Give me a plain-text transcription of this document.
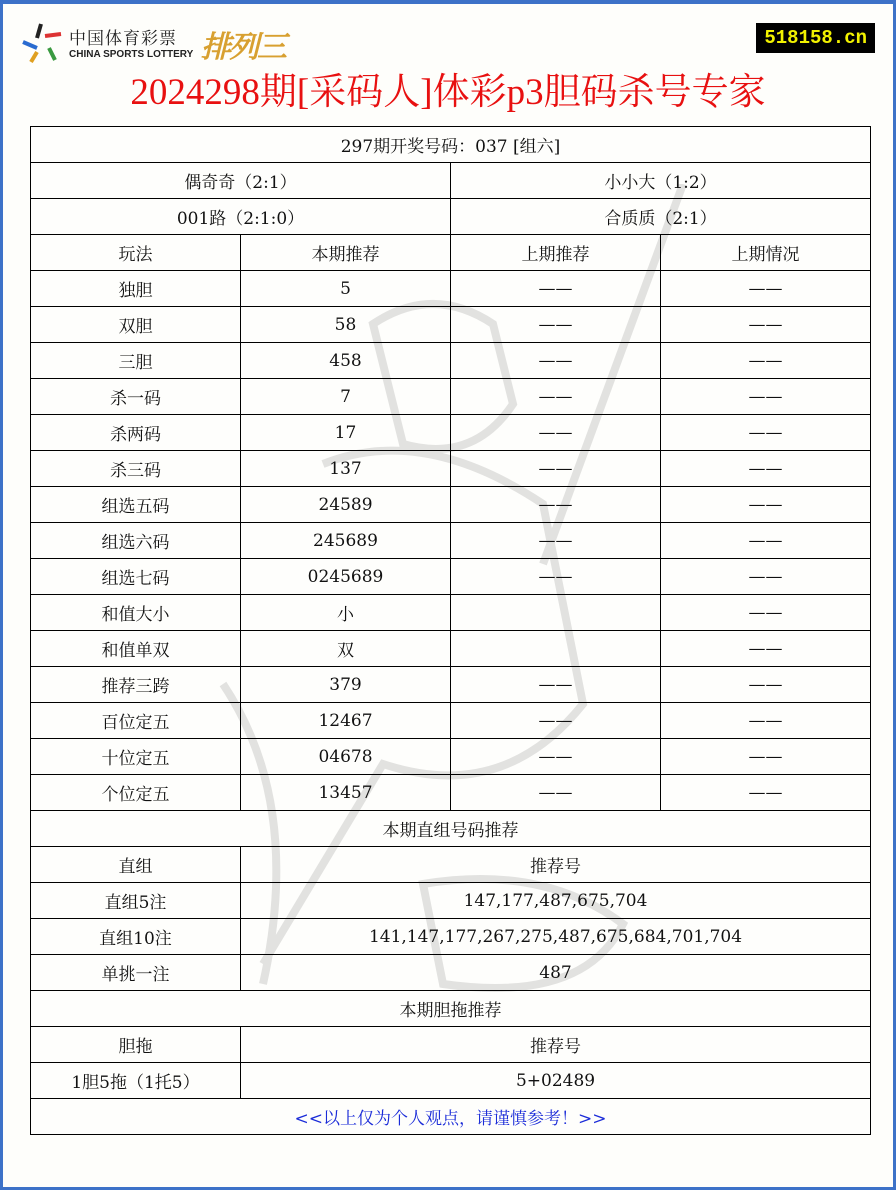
中国体育彩票
CHINA SPORTS LOTTERY 排列三	518158.cn
2024298期[采码人]体彩p3胆码杀号专家
297期开奖号码：037 [组六]			
偶奇奇（2:1）		小小大（1:2）	
001路（2:1:0）		合质质（2:1）	
玩法	本期推荐	上期推荐	上期情况
独胆	5	——	——
双胆	58	——	——
三胆	458	——	——
杀一码	7	——	——
杀两码	17	——	——
杀三码	137	——	——
组选五码	24589	——	——
组选六码	245689	——	——
组选七码	0245689	——	——
和值大小	小		——
和值单双	双		——
推荐三跨	379	——	——
百位定五	12467	——	——
十位定五	04678	——	——
个位定五	13457	——	——
本期直组号码推荐			
直组	推荐号		
直组5注	147,177,487,675,704		
直组10注	141,147,177,267,275,487,675,684,701,704		
单挑一注	487		
本期胆拖推荐			
胆拖	推荐号		
1胆5拖（1托5）	5+02489		
<<以上仅为个人观点，请谨慎参考！>>			
